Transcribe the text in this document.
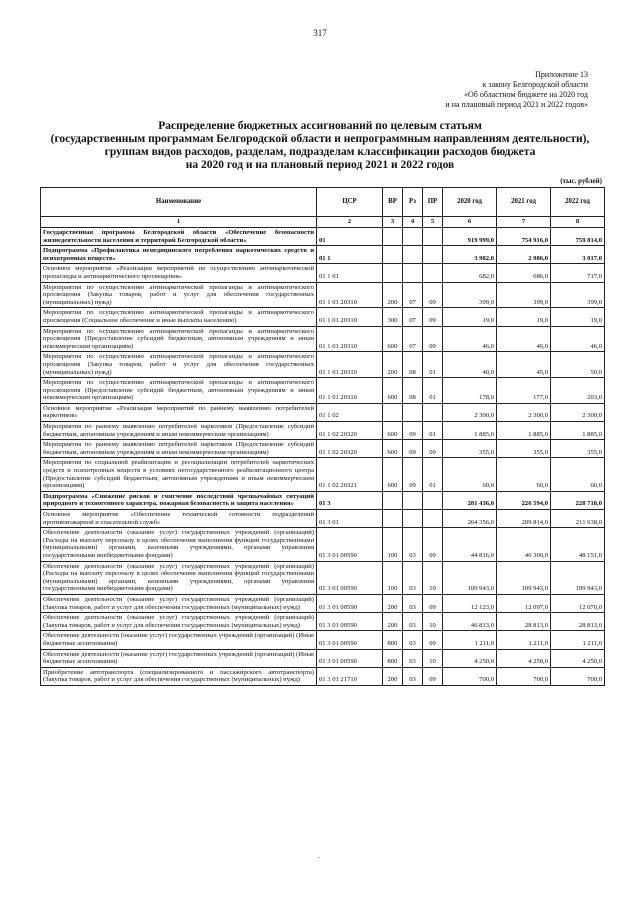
317
Приложение 13
к закону Белгородской области
«Об областном бюджете на 2020 год
и на плановый период 2021 и 2022 годов»
Распределение бюджетных ассигнований по целевым статьям
(государственным программам Белгородской области и непрограммным направлениям деятельности),
группам видов расходов, разделам, подразделам классификации расходов бюджета
на 2020 год и на плановый период 2021 и 2022 годов
(тыс. рублей)
Наименование	ЦСР	ВР	Рз	ПР	2020 год	2021 год	2022 год
1	2	3	4	5	6	7	8
Государственная программа Белгородской области «Обеспечение безопасности жизнедеятельности населения и территорий Белгородской области»	01				919 999,0	754 916,0	759 814,0
Подпрограмма «Профилактика немедицинского потребления наркотических средств и психотропных веществ»	01 1				3 982,0	2 986,0	3 017,0
Основное мероприятие «Реализация мероприятий по осуществлению антинаркотической пропаганды и антинаркотического просвещения»	01 1 01				682,0	686,0	717,0
Мероприятия по осуществлению антинаркотической пропаганды и антинаркотического просвещения (Закупка товаров, работ и услуг для обеспечения государственных (муниципальных) нужд)	01 1 01 20310	200	07	09	399,0	399,0	399,0
Мероприятия по осуществлению антинаркотической пропаганды и антинаркотического просвещения (Социальное обеспечение и иные выплаты населению)	01 1 01 20310	300	07	09	19,0	19,0	19,0
Мероприятия по осуществлению антинаркотической пропаганды и антинаркотического просвещения (Предоставление субсидий бюджетным, автономным учреждениям и иным некоммерческим организациям)	01 1 01 20310	600	07	09	46,0	46,0	46,0
Мероприятия по осуществлению антинаркотической пропаганды и антинаркотического просвещения (Закупка товаров, работ и услуг для обеспечения государственных (муниципальных) нужд)	01 1 01 20310	200	08	01	40,0	45,0	50,0
Мероприятия по осуществлению антинаркотической пропаганды и антинаркотического просвещения (Предоставление субсидий бюджетным, автономным учреждениям и иным некоммерческим организациям)	01 1 01 20310	600	08	01	178,0	177,0	203,0
Основное мероприятие «Реализация мероприятий по раннему выявлению потребителей наркотиков»	01 1 02				2 300,0	2 300,0	2 300,0
Мероприятия по раннему выявлению потребителей наркотиков (Предоставление субсидий бюджетным, автономным учреждениям и иным некоммерческим организациям)	01 1 02 20320	600	09	01	1 885,0	1 885,0	1 885,0
Мероприятия по раннему выявлению потребителей наркотиков (Предоставление субсидий бюджетным, автономным учреждениям и иным некоммерческим организациям)	01 1 02 20320	600	09	09	355,0	355,0	355,0
Мероприятия по социальной реабилитации и ресоциализации потребителей наркотических средств и психотропных веществ в условиях негосударственного реабилитационного центра (Предоставление субсидий бюджетным, автономным учреждениям и иным некоммерческим организациям)	01 1 02 20321	600	09	01	60,0	60,0	60,0
Подпрограмма «Снижение рисков и смягчение последствий чрезвычайных ситуаций природного и техногенного характера, пожарная безопасность и защита населения»	01 3				281 436,0	226 594,0	228 718,0
Основное мероприятие «Обеспечение технической готовности подразделений противопожарной и спасательной служб»	01 3 01				264 356,0	209 814,0	211 638,0
Обеспечение деятельности (оказание услуг) государственных учреждений (организаций) (Расходы на выплату персоналу в целях обеспечения выполнения функций государственными (муниципальными) органами, казенными учреждениями, органами управления государственными внебюджетными фондами)	01 3 01 00590	100	03	09	44 816,0	46 300,0	48 151,0
Обеспечение деятельности (оказание услуг) государственных учреждений (организаций) (Расходы на выплату персоналу в целях обеспечения выполнения функций государственными (муниципальными) органами, казенными учреждениями, органами управления государственными внебюджетными фондами)	01 3 01 00590	100	03	10	109 943,0	109 943,0	109 943,0
Обеспечение деятельности (оказание услуг) государственных учреждений (организаций) (Закупка товаров, работ и услуг для обеспечения государственных (муниципальных) нужд)	01 3 01 00590	200	03	09	12 123,0	12 097,0	12 070,0
Обеспечение деятельности (оказание услуг) государственных учреждений (организаций) (Закупка товаров, работ и услуг для обеспечения государственных (муниципальных) нужд)	01 3 01 00590	200	03	10	46 813,0	28 813,0	28 813,0
Обеспечение деятельности (оказание услуг) государственных учреждений (организаций) (Иные бюджетные ассигнования)	01 3 01 00590	800	03	09	1 211,0	1 211,0	1 211,0
Обеспечение деятельности (оказание услуг) государственных учреждений (организаций) (Иные бюджетные ассигнования)	01 3 01 00590	800	03	10	4 250,0	4 250,0	4 250,0
Приобретение автотранспорта (специализированного и пассажирского автотранспорта) (Закупка товаров, работ и услуг для обеспечения государственных (муниципальных) нужд)	01 3 01 21710	200	03	09	700,0	700,0	700,0
-
